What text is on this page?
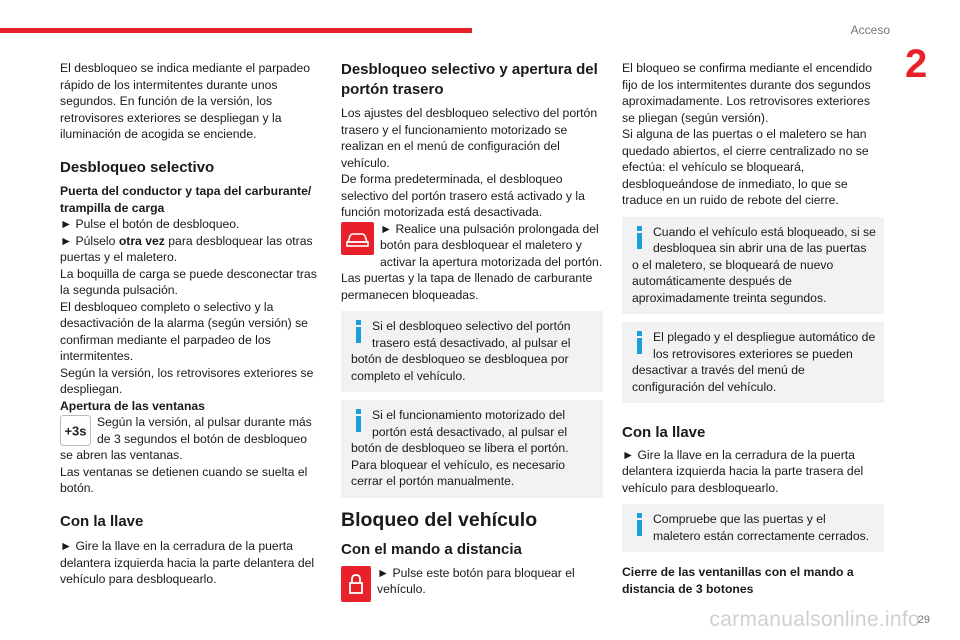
Acceso
2
carmanualsonline.info
29

El desbloqueo se indica mediante el parpadeo rápido de los intermitentes durante unos segundos. En función de la versión, los retrovisores exteriores se despliegan y la iluminación de acogida se enciende.

Desbloqueo selectivo

Puerta del conductor y tapa del carburante/ trampilla de carga

► Pulse el botón de desbloqueo.

► Púlselo otra vez para desbloquear las otras puertas y el maletero.

La boquilla de carga se puede desconectar tras la segunda pulsación.

El desbloqueo completo o selectivo y la desactivación de la alarma (según versión) se confirman mediante el parpadeo de los intermitentes.

Según la versión, los retrovisores exteriores se despliegan.

Apertura de las ventanas

+3s

Según la versión, al pulsar durante más de 3 segundos el botón de desbloqueo se abren las ventanas.

Las ventanas se detienen cuando se suelta el botón.

Con la llave

► Gire la llave en la cerradura de la puerta delantera izquierda hacia la parte delantera del vehículo para desbloquearlo.

Desbloqueo selectivo y apertura del portón trasero

Los ajustes del desbloqueo selectivo del portón trasero y el funcionamiento motorizado se realizan en el menú de configuración del vehículo.

De forma predeterminada, el desbloqueo selectivo del portón trasero está activado y la función motorizada está desactivada.

► Realice una pulsación prolongada del botón para desbloquear el maletero y activar la apertura motorizada del portón.

Las puertas y la tapa de llenado de carburante permanecen bloqueadas.

Si el desbloqueo selectivo del portón trasero está desactivado, al pulsar el botón de desbloqueo se desbloquea por completo el vehículo.

Si el funcionamiento motorizado del portón está desactivado, al pulsar el botón de desbloqueo se libera el portón. Para bloquear el vehículo, es necesario cerrar el portón manualmente.

Bloqueo del vehículo

Con el mando a distancia

► Pulse este botón para bloquear el vehículo.

El bloqueo se confirma mediante el encendido fijo de los intermitentes durante dos segundos aproximadamente. Los retrovisores exteriores se pliegan (según versión).

Si alguna de las puertas o el maletero se han quedado abiertos, el cierre centralizado no se efectúa: el vehículo se bloqueará, desbloqueándose de inmediato, lo que se traduce en un ruido de rebote del cierre.

Cuando el vehículo está bloqueado, si se desbloquea sin abrir una de las puertas o el maletero, se bloqueará de nuevo automáticamente después de aproximadamente treinta segundos.

El plegado y el despliegue automático de los retrovisores exteriores se pueden desactivar a través del menú de configuración del vehículo.

Con la llave

► Gire la llave en la cerradura de la puerta delantera izquierda hacia la parte trasera del vehículo para desbloquearlo.

Compruebe que las puertas y el maletero están correctamente cerrados.

Cierre de las ventanillas con el mando a distancia de 3 botones
